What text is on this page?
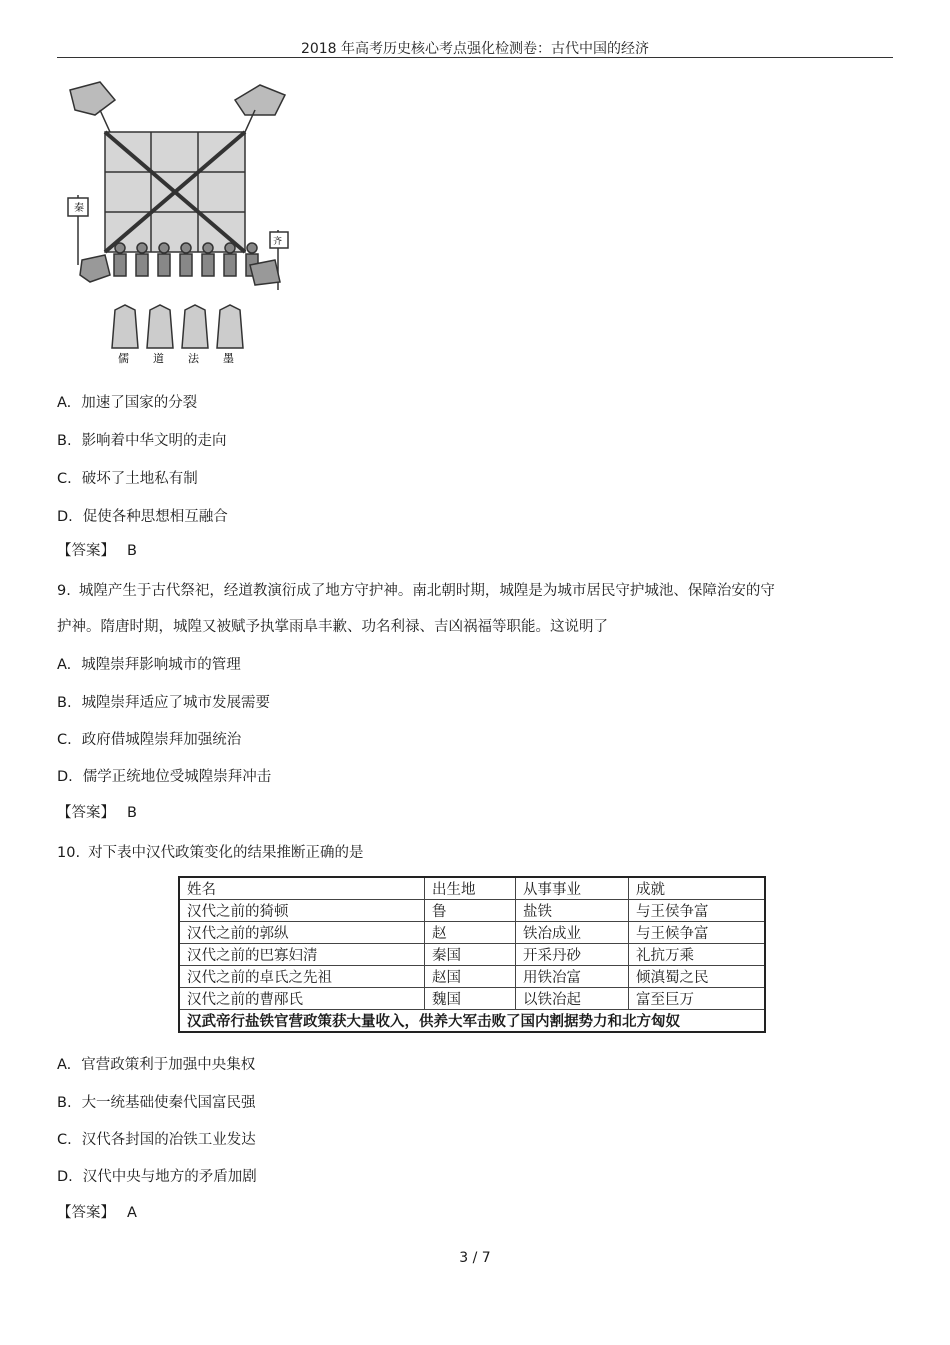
2018 年高考历史核心考点强化检测卷：古代中国的经济
秦
齐
儒 道 法 墨
A. 加速了国家的分裂
B. 影响着中华文明的走向
C. 破坏了土地私有制
D. 促使各种思想相互融合
【答案】 B
9. 城隍产生于古代祭祀，经道教演衍成了地方守护神。南北朝时期，城隍是为城市居民守护城池、保障治安的守
护神。隋唐时期，城隍又被赋予执掌雨阜丰歉、功名利禄、吉凶祸福等职能。这说明了
A. 城隍崇拜影响城市的管理
B. 城隍崇拜适应了城市发展需要
C. 政府借城隍崇拜加强统治
D. 儒学正统地位受城隍崇拜冲击
【答案】 B
10. 对下表中汉代政策变化的结果推断正确的是
姓名	出生地	从事事业	成就
汉代之前的猗顿	鲁	盐铁	与王侯争富
汉代之前的郭纵	赵	铁冶成业	与王候争富
汉代之前的巴寡妇清	秦国	开采丹砂	礼抗万乘
汉代之前的卓氏之先祖	赵国	用铁冶富	倾滇蜀之民
汉代之前的曹邴氏	魏国	以铁冶起	富至巨万
汉武帝行盐铁官营政策获大量收入，供养大军击败了国内割据势力和北方匈奴			
A. 官营政策利于加强中央集权
B. 大一统基础使秦代国富民强
C. 汉代各封国的冶铁工业发达
D. 汉代中央与地方的矛盾加剧
【答案】 A
3 / 7
